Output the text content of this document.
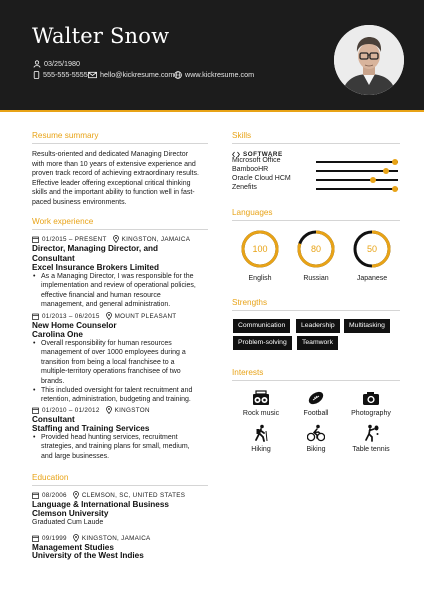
Walter Snow
03/25/1980
555-555-5555 hello@kickresume.com www.kickresume.com
Resume summary
Results-oriented and dedicated Managing Director
with more than 10 years of extensive experience and
proven track record of achieving extraordinary results.
Effective leader offering exceptional critical thinking
skills and the important ability to function well in fast-
paced business environments.
Work experience
01/2015 – PRESENT KINGSTON, JAMAICA
Director, Managing Director, and
Consultant
Excel Insurance Brokers Limited
• As a Managing Director, I was responsible for the
implementation and review of operational policies,
effective financial and human resource
management, and general administration.
01/2013 – 06/2015 MOUNT PLEASANT
New Home Counselor
Carolina One
• Overall responsibility for human resources
management of over 1000 employees during a
transition from being a local franchisee to a
multiple-territory operations franchisee of two
brands.
• This included oversight for talent recruitment and
retention, administration, budgeting and training.
01/2010 – 01/2012 KINGSTON
Consultant
Staffing and Training Services
• Provided head hunting services, recruitment
strategies, and training plans for small, medium,
and large businesses.
Education
08/2006 CLEMSON, SC, UNITED STATES
Language & International Business
Clemson University
Graduated Cum Laude
09/1999 KINGSTON, JAMAICA
Management Studies
University of the West Indies
Skills
SOFTWARE
Microsoft Office
BambooHR
Oracle Cloud HCM
Zenefits
Languages
100	80	50
English	Russian	Japanese
Strengths
Communication	Leadership	Multitasking
Problem-solving	Teamwork
Interests
Rock music	Football	Photography
Hiking	Biking	Table tennis
